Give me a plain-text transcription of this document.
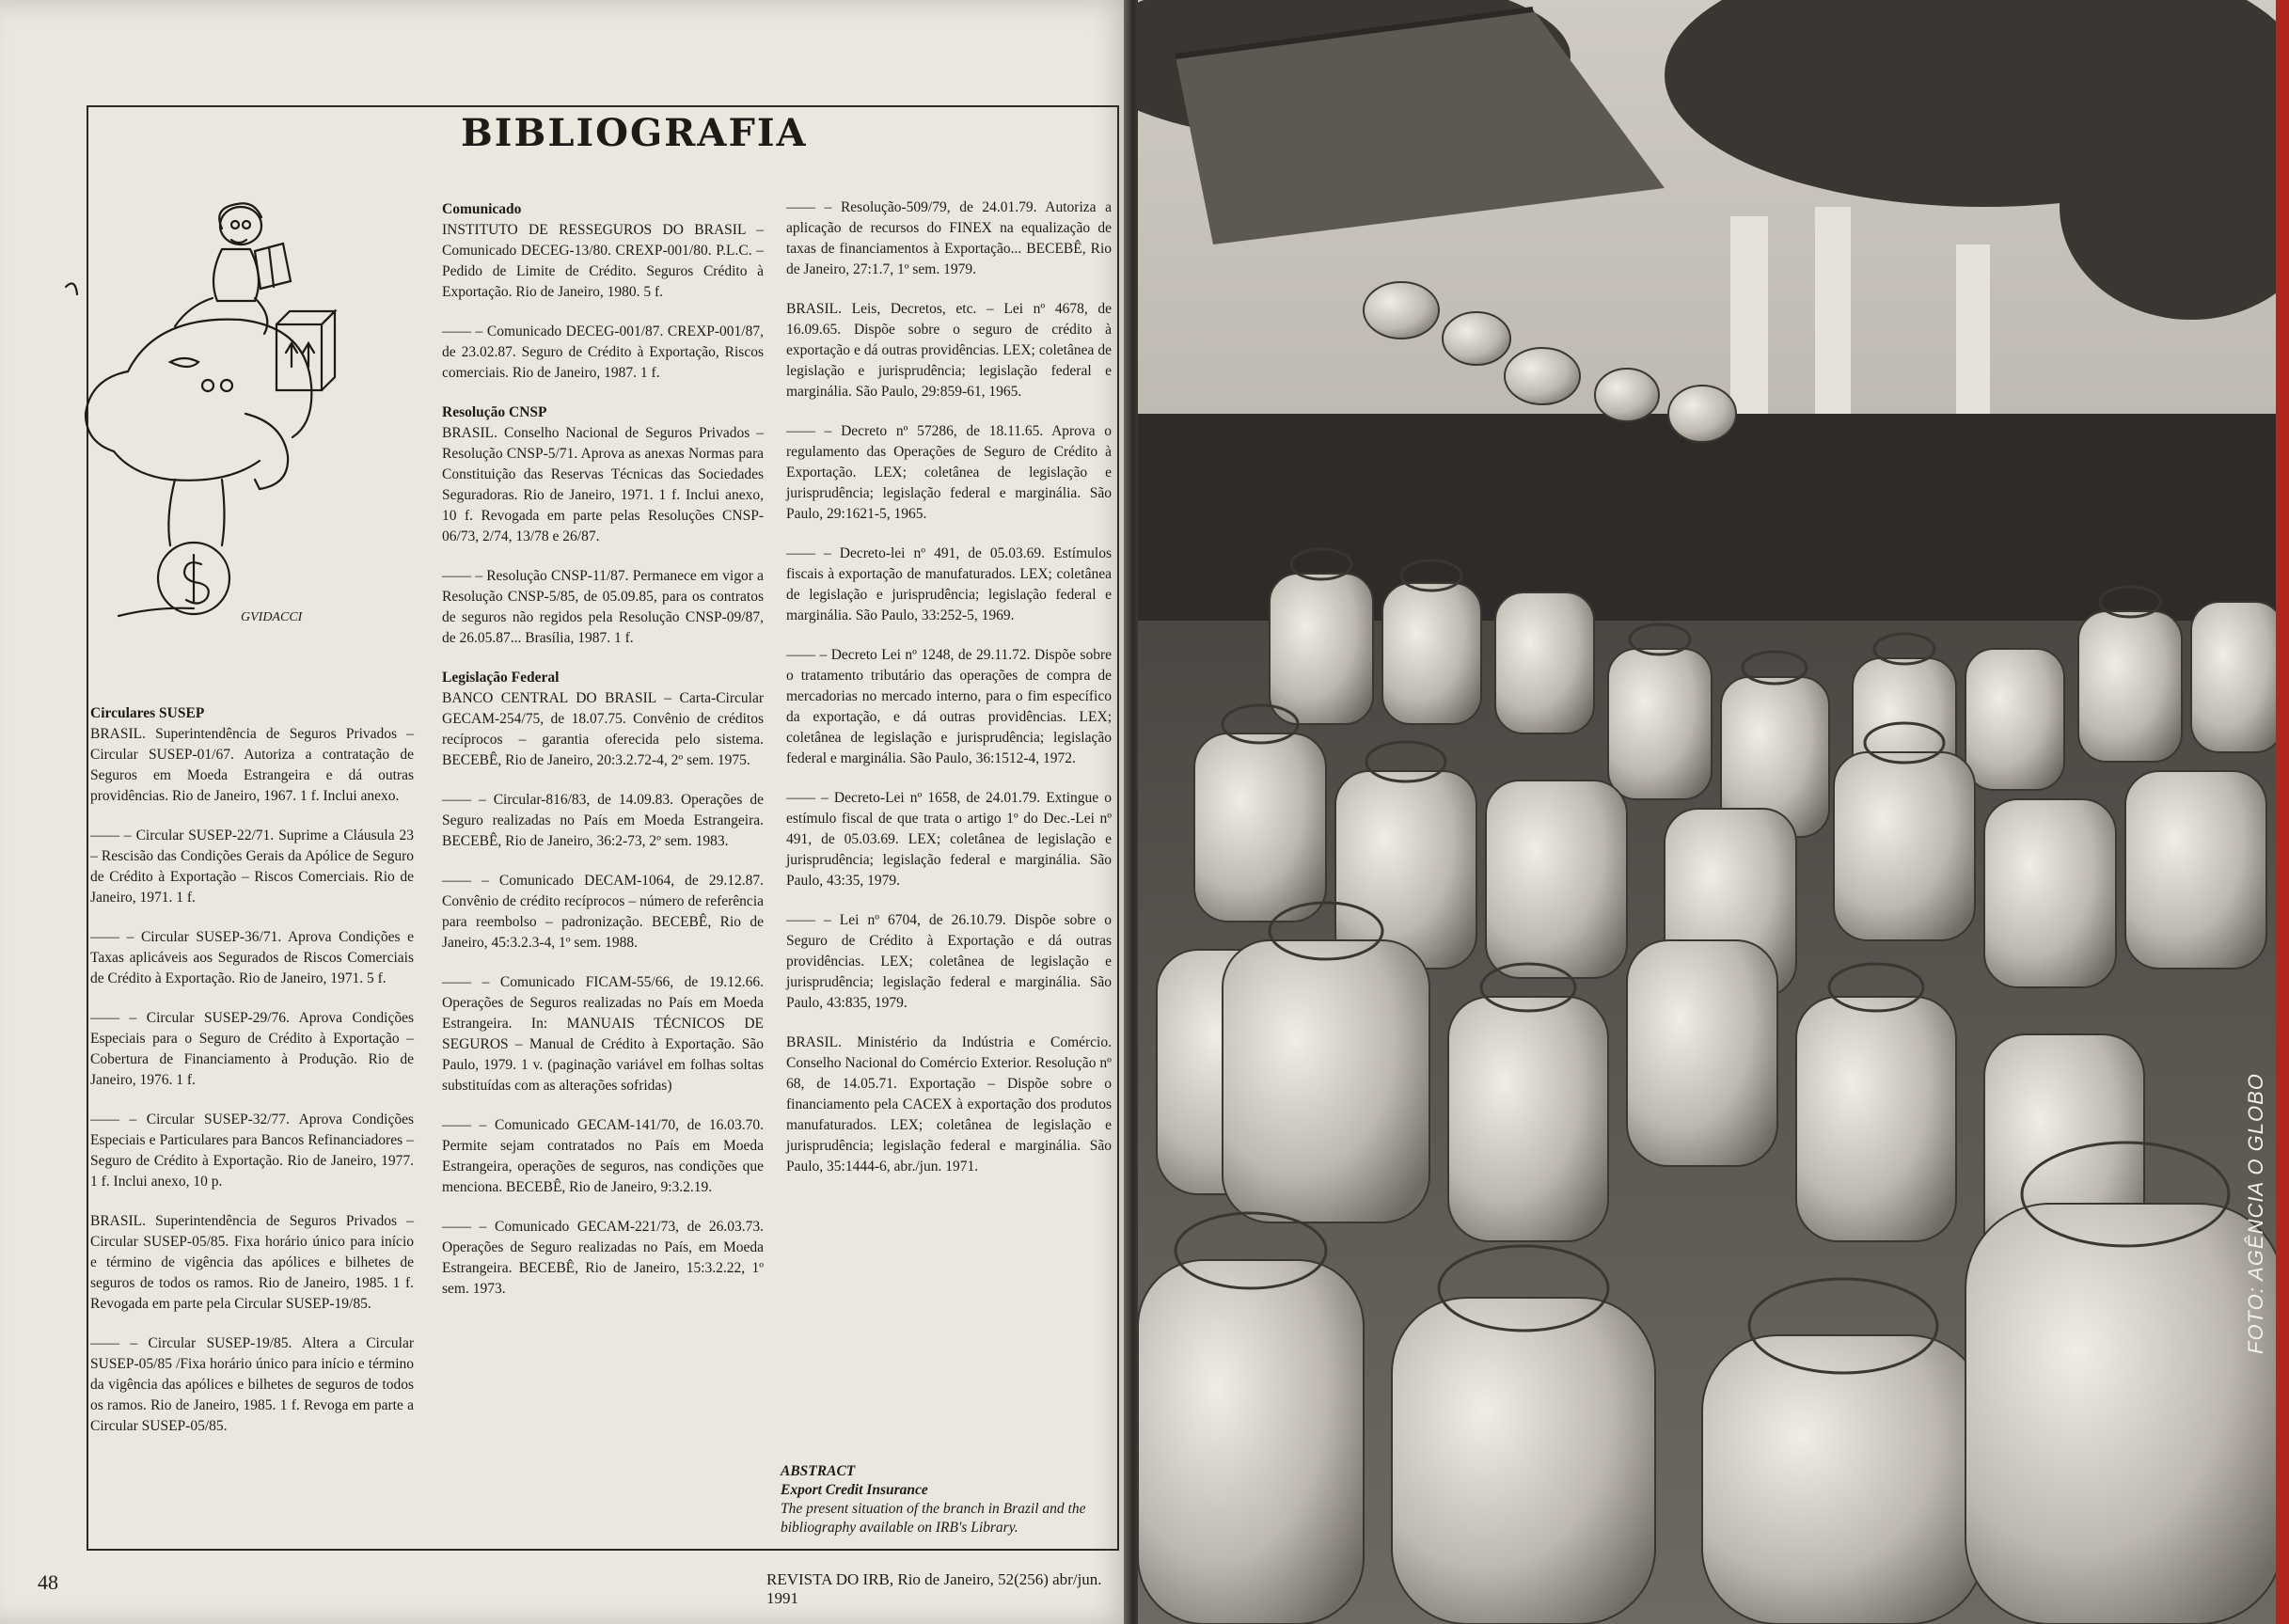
BIBLIOGRAFIA
GVIDACCI

Circulares SUSEP

BRASIL. Superintendência de Seguros Privados – Circular SUSEP-01/67. Autoriza a contratação de Seguros em Moeda Estrangeira e dá outras providências. Rio de Janeiro, 1967. 1 f. Inclui anexo.

—— – Circular SUSEP-22/71. Suprime a Cláusula 23 – Rescisão das Condições Gerais da Apólice de Seguro de Crédito à Exportação – Riscos Comerciais. Rio de Janeiro, 1971. 1 f.

—— – Circular SUSEP-36/71. Aprova Condições e Taxas aplicáveis aos Segurados de Riscos Comerciais de Crédito à Exportação. Rio de Janeiro, 1971. 5 f.

—— – Circular SUSEP-29/76. Aprova Condições Especiais para o Seguro de Crédito à Exportação – Cobertura de Financiamento à Produção. Rio de Janeiro, 1976. 1 f.

—— – Circular SUSEP-32/77. Aprova Condições Especiais e Particulares para Bancos Refinanciadores – Seguro de Crédito à Exportação. Rio de Janeiro, 1977. 1 f. Inclui anexo, 10 p.

BRASIL. Superintendência de Seguros Privados – Circular SUSEP-05/85. Fixa horário único para início e término de vigência das apólices e bilhetes de seguros de todos os ramos. Rio de Janeiro, 1985. 1 f. Revogada em parte pela Circular SUSEP-19/85.

—— – Circular SUSEP-19/85. Altera a Circular SUSEP-05/85 /Fixa horário único para início e término da vigência das apólices e bilhetes de seguros de todos os ramos. Rio de Janeiro, 1985. 1 f. Revoga em parte a Circular SUSEP-05/85.

Comunicado

INSTITUTO DE RESSEGUROS DO BRASIL – Comunicado DECEG-13/80. CREXP-001/80. P.L.C. – Pedido de Limite de Crédito. Seguros Crédito à Exportação. Rio de Janeiro, 1980. 5 f.

—— – Comunicado DECEG-001/87. CREXP-001/87, de 23.02.87. Seguro de Crédito à Exportação, Riscos comerciais. Rio de Janeiro, 1987. 1 f.

Resolução CNSP

BRASIL. Conselho Nacional de Seguros Privados – Resolução CNSP-5/71. Aprova as anexas Normas para Constituição das Reservas Técnicas das Sociedades Seguradoras. Rio de Janeiro, 1971. 1 f. Inclui anexo, 10 f. Revogada em parte pelas Resoluções CNSP-06/73, 2/74, 13/78 e 26/87.

—— – Resolução CNSP-11/87. Permanece em vigor a Resolução CNSP-5/85, de 05.09.85, para os contratos de seguros não regidos pela Resolução CNSP-09/87, de 26.05.87... Brasília, 1987. 1 f.

Legislação Federal

BANCO CENTRAL DO BRASIL – Carta-Circular GECAM-254/75, de 18.07.75. Convênio de créditos recíprocos – garantia oferecida pelo sistema. BECEBÊ, Rio de Janeiro, 20:3.2.72-4, 2º sem. 1975.

—— – Circular-816/83, de 14.09.83. Operações de Seguro realizadas no País em Moeda Estrangeira. BECEBÊ, Rio de Janeiro, 36:2-73, 2º sem. 1983.

—— – Comunicado DECAM-1064, de 29.12.87. Convênio de crédito recíprocos – número de referência para reembolso – padronização. BECEBÊ, Rio de Janeiro, 45:3.2.3-4, 1º sem. 1988.

—— – Comunicado FICAM-55/66, de 19.12.66. Operações de Seguros realizadas no País em Moeda Estrangeira. In: MANUAIS TÉCNICOS DE SEGUROS – Manual de Crédito à Exportação. São Paulo, 1979. 1 v. (paginação variável em folhas soltas substituídas com as alterações sofridas)

—— – Comunicado GECAM-141/70, de 16.03.70. Permite sejam contratados no País em Moeda Estrangeira, operações de seguros, nas condições que menciona. BECEBÊ, Rio de Janeiro, 9:3.2.19.

—— – Comunicado GECAM-221/73, de 26.03.73. Operações de Seguro realizadas no País, em Moeda Estrangeira. BECEBÊ, Rio de Janeiro, 15:3.2.22, 1º sem. 1973.

—— – Resolução-509/79, de 24.01.79. Autoriza a aplicação de recursos do FINEX na equalização de taxas de financiamentos à Exportação... BECEBÊ, Rio de Janeiro, 27:1.7, 1º sem. 1979.

BRASIL. Leis, Decretos, etc. – Lei nº 4678, de 16.09.65. Dispõe sobre o seguro de crédito à exportação e dá outras providências. LEX; coletânea de legislação e jurisprudência; legislação federal e marginália. São Paulo, 29:859-61, 1965.

—— – Decreto nº 57286, de 18.11.65. Aprova o regulamento das Operações de Seguro de Crédito à Exportação. LEX; coletânea de legislação e jurisprudência; legislação federal e marginália. São Paulo, 29:1621-5, 1965.

—— – Decreto-lei nº 491, de 05.03.69. Estímulos fiscais à exportação de manufaturados. LEX; coletânea de legislação e jurisprudência; legislação federal e marginália. São Paulo, 33:252-5, 1969.

—— – Decreto Lei nº 1248, de 29.11.72. Dispõe sobre o tratamento tributário das operações de compra de mercadorias no mercado interno, para o fim específico da exportação, e dá outras providências. LEX; coletânea de legislação e jurisprudência; legislação federal e marginália. São Paulo, 36:1512-4, 1972.

—— – Decreto-Lei nº 1658, de 24.01.79. Extingue o estímulo fiscal de que trata o artigo 1º do Dec.-Lei nº 491, de 05.03.69. LEX; coletânea de legislação e jurisprudência; legislação federal e marginália. São Paulo, 43:35, 1979.

—— – Lei nº 6704, de 26.10.79. Dispõe sobre o Seguro de Crédito à Exportação e dá outras providências. LEX; coletânea de legislação e jurisprudência; legislação federal e marginália. São Paulo, 43:835, 1979.

BRASIL. Ministério da Indústria e Comércio. Conselho Nacional do Comércio Exterior. Resolução nº 68, de 14.05.71. Exportação – Dispõe sobre o financiamento pela CACEX à exportação dos produtos manufaturados. LEX; coletânea de legislação e jurisprudência; legislação federal e marginália. São Paulo, 35:1444-6, abr./jun. 1971.

ABSTRACT
Export Credit Insurance
The present situation of the branch in Brazil and the bibliography available on IRB's Library.
48	REVISTA DO IRB, Rio de Janeiro, 52(256) abr/jun. 1991
FOTO: AGÊNCIA O GLOBO
